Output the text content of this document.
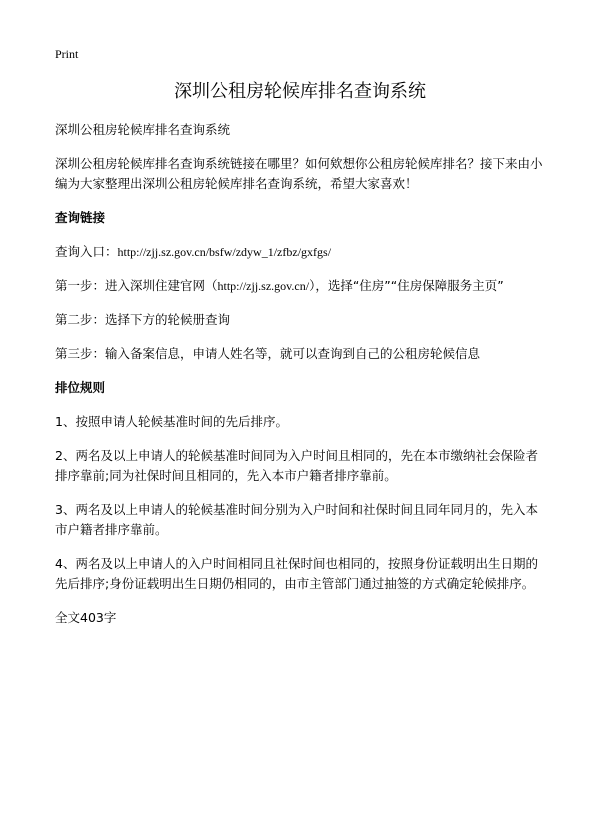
Print
深圳公租房轮候库排名查询系统

深圳公租房轮候库排名查询系统

深圳公租房轮候库排名查询系统链接在哪里？如何欸想你公租房轮候库排名？接下来由小编为大家整理出深圳公租房轮候库排名查询系统，希望大家喜欢！

查询链接

查询入口：http://zjj.sz.gov.cn/bsfw/zdyw_1/zfbz/gxfgs/

第一步：进入深圳住建官网（http://zjj.sz.gov.cn/），选择“住房”“住房保障服务主页”

第二步：选择下方的轮候册查询

第三步：输入备案信息，申请人姓名等，就可以查询到自己的公租房轮候信息

排位规则

1、按照申请人轮候基准时间的先后排序。

2、两名及以上申请人的轮候基准时间同为入户时间且相同的，先在本市缴纳社会保险者排序靠前;同为社保时间且相同的，先入本市户籍者排序靠前。

3、两名及以上申请人的轮候基准时间分别为入户时间和社保时间且同年同月的，先入本市户籍者排序靠前。

4、两名及以上申请人的入户时间相同且社保时间也相同的，按照身份证载明出生日期的先后排序;身份证载明出生日期仍相同的，由市主管部门通过抽签的方式确定轮候排序。

全文403字
